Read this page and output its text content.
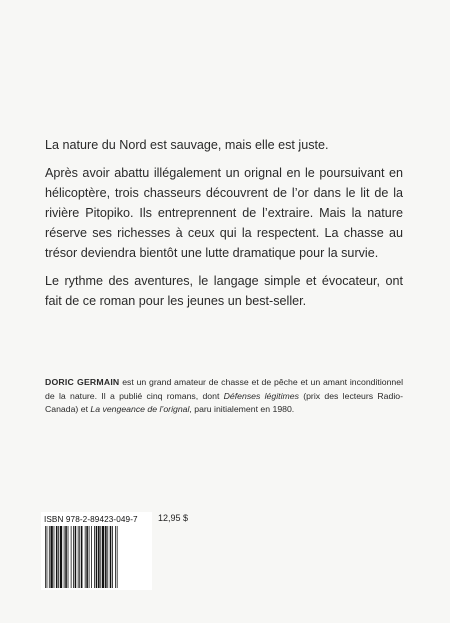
La nature du Nord est sauvage, mais elle est juste.

Après avoir abattu illégalement un orignal en le poursuivant en hélicoptère, trois chasseurs découvrent de l’or dans le lit de la rivière Pitopiko. Ils entreprennent de l’extraire. Mais la nature réserve ses richesses à ceux qui la respectent. La chasse au trésor deviendra bientôt une lutte dramatique pour la survie.

Le rythme des aventures, le langage simple et évocateur, ont fait de ce roman pour les jeunes un best-seller.

DORIC GERMAIN est un grand amateur de chasse et de pêche et un amant inconditionnel de la nature. Il a publié cinq romans, dont Défenses légitimes (prix des lecteurs Radio-Canada) et La vengeance de l’orignal, paru initialement en 1980.
ISBN 978-2-89423-049-7 12,95 $
